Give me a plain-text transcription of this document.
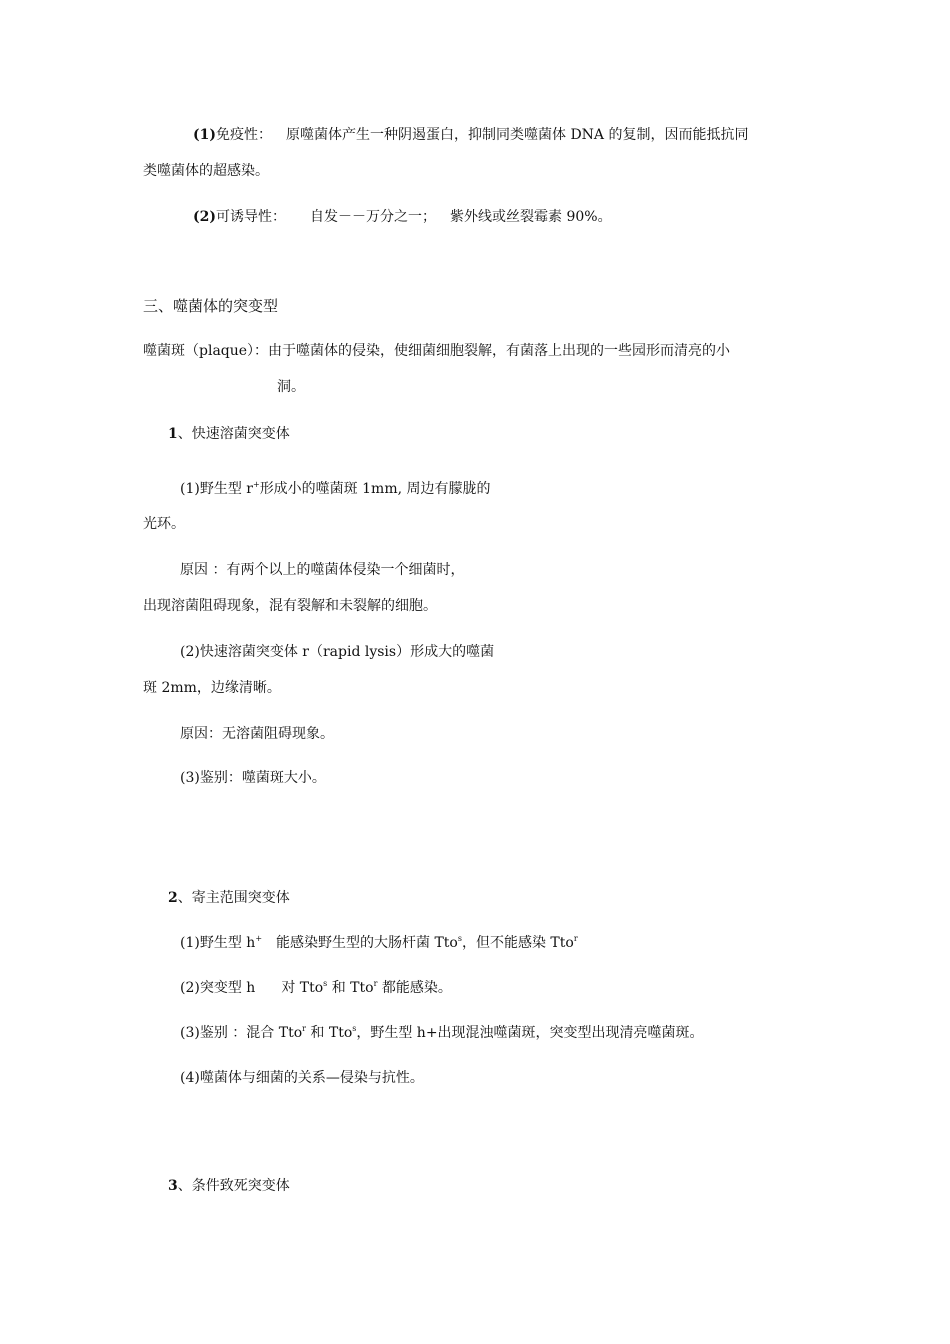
(1)免疫性： 原噬菌体产生一种阴遏蛋白，抑制同类噬菌体 DNA 的复制，因而能抵抗同
类噬菌体的超感染。
(2)可诱导性： 自发－－万分之一； 紫外线或丝裂霉素 90%。
三、噬菌体的突变型
噬菌斑（plaque）：由于噬菌体的侵染，使细菌细胞裂解，有菌落上出现的一些园形而清亮的小
洞。
1、快速溶菌突变体
(1)野生型 r+形成小的噬菌斑 1mm, 周边有朦胧的
光环。
原因 ：有两个以上的噬菌体侵染一个细菌时，
出现溶菌阻碍现象，混有裂解和未裂解的细胞。
(2)快速溶菌突变体 r（rapid lysis）形成大的噬菌
斑 2mm，边缘清晰。
原因：无溶菌阻碍现象。
(3)鉴别：噬菌斑大小。
2、寄主范围突变体
(1)野生型 h+ 能感染野生型的大肠杆菌 Tto$^s$，但不能感染 Tto$^r$
(2)突变型 h 对 Tto$^s$ 和 Tto$^r$ 都能感染。
(3)鉴别 ：混合 Tto$^r$ 和 Tto$^s$，野生型 h+出现混浊噬菌斑，突变型出现清亮噬菌斑。
(4)噬菌体与细菌的关系—侵染与抗性。
3、条件致死突变体
